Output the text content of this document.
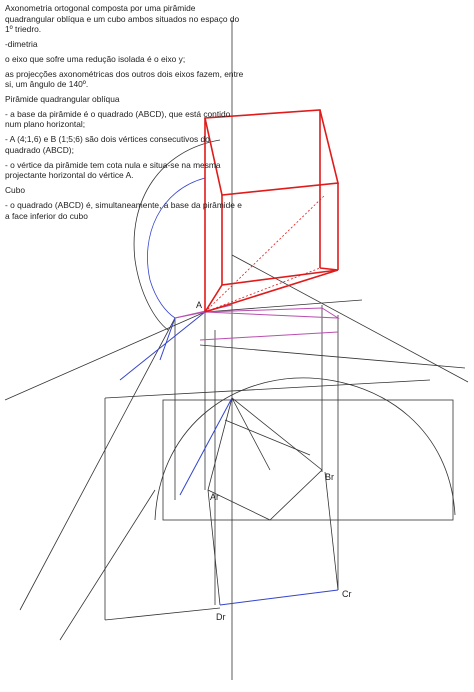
A
Ar
Br
Cr
Dr

Axonometria ortogonal composta por uma pirâmide quadrangular oblíqua e um cubo ambos situados no espaço do 1º triedro.

-dimetria

o eixo que sofre uma redução isolada é o eixo y;

as projecções axonométricas dos outros dois eixos fazem, entre si, um ângulo de 140º.

Pirâmide quadrangular oblíqua

- a base da pirâmide é o quadrado (ABCD), que está contido num plano horizontal;

- A (4;1,6) e B (1;5;6) são dois vértices consecutivos do quadrado (ABCD);

- o vértice da pirâmide tem cota nula e situa-se na mesma projectante horizontal do vértice A.

Cubo

- o quadrado (ABCD) é, simultaneamente, a base da pirâmide e a face inferior do cubo
